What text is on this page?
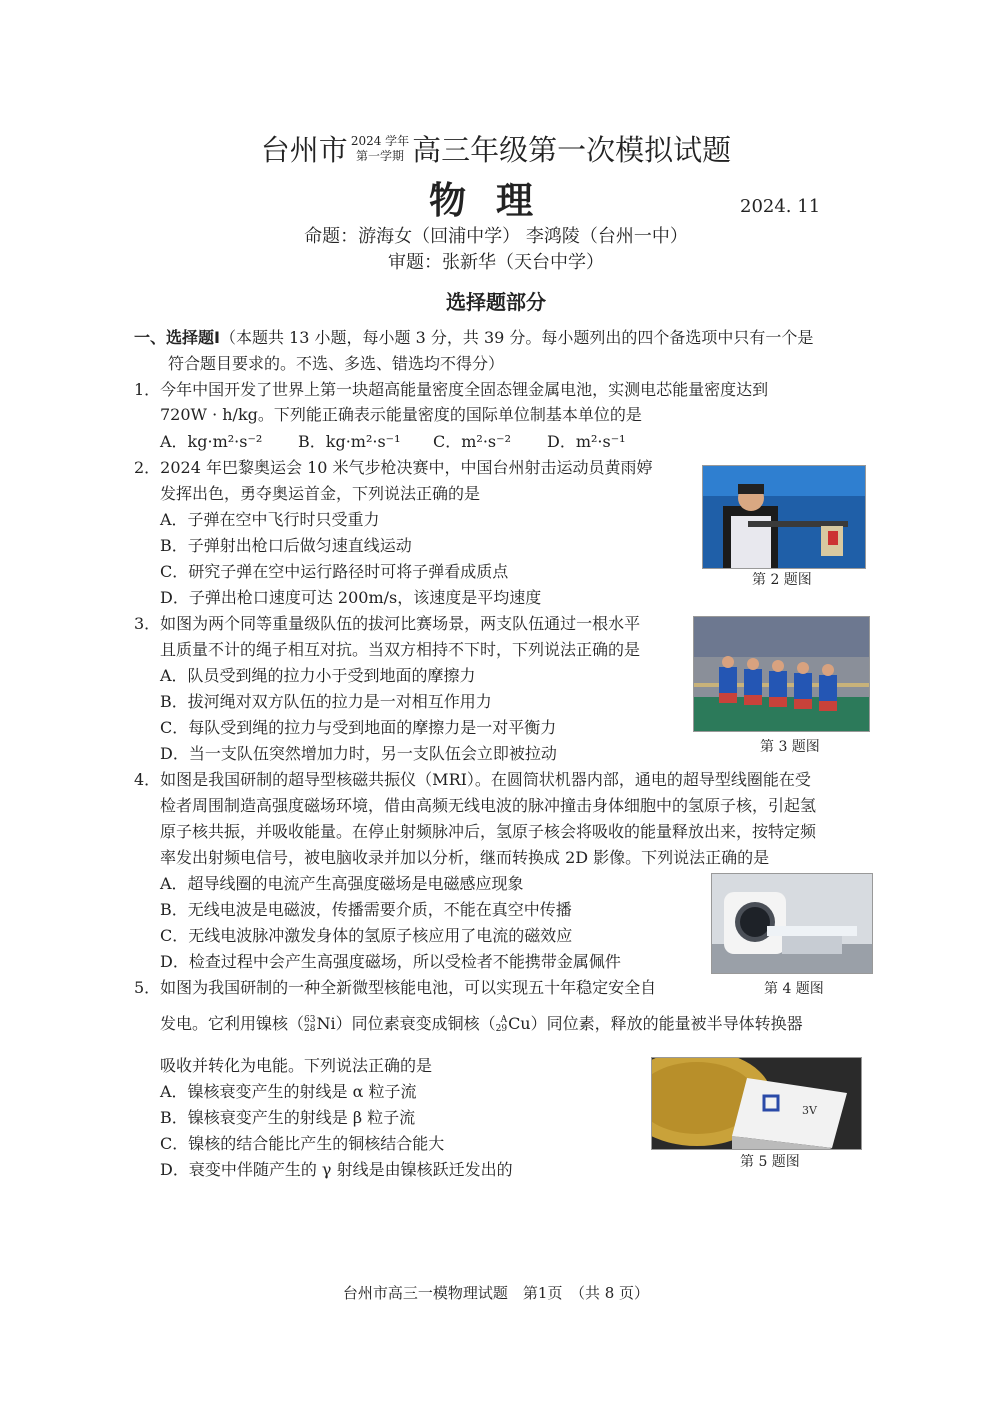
台州市 2024 学年
第一学期 高三年级第一次模拟试题
物理	2024. 11
命题：游海女（回浦中学） 李鸿陵（台州一中）
审题：张新华（天台中学）
选择题部分
一、选择题Ⅰ（本题共 13 小题，每小题 3 分，共 39 分。每小题列出的四个备选项中只有一个是
符合题目要求的。不选、多选、错选均不得分）
1．今年中国开发了世界上第一块超高能量密度全固态锂金属电池，实测电芯能量密度达到
720W · h/kg。下列能正确表示能量密度的国际单位制基本单位的是
A．kg·m²·s⁻² B．kg·m²·s⁻¹ C．m²·s⁻² D．m²·s⁻¹
2．2024 年巴黎奥运会 10 米气步枪决赛中，中国台州射击运动员黄雨婷
发挥出色，勇夺奥运首金，下列说法正确的是
A．子弹在空中飞行时只受重力
B．子弹射出枪口后做匀速直线运动
C．研究子弹在空中运行路径时可将子弹看成质点
D．子弹出枪口速度可达 200m/s，该速度是平均速度
第 2 题图
3．如图为两个同等重量级队伍的拔河比赛场景，两支队伍通过一根水平
且质量不计的绳子相互对抗。当双方相持不下时，下列说法正确的是
A．队员受到绳的拉力小于受到地面的摩擦力
B．拔河绳对双方队伍的拉力是一对相互作用力
C．每队受到绳的拉力与受到地面的摩擦力是一对平衡力
D．当一支队伍突然增加力时，另一支队伍会立即被拉动	第 3 题图
4．如图是我国研制的超导型核磁共振仪（MRI）。在圆筒状机器内部，通电的超导型线圈能在受
检者周围制造高强度磁场环境，借由高频无线电波的脉冲撞击身体细胞中的氢原子核，引起氢
原子核共振，并吸收能量。在停止射频脉冲后，氢原子核会将吸收的能量释放出来，按特定频
率发出射频电信号，被电脑收录并加以分析，继而转换成 2D 影像。下列说法正确的是
A．超导线圈的电流产生高强度磁场是电磁感应现象
B．无线电波是电磁波，传播需要介质，不能在真空中传播
C．无线电波脉冲激发身体的氢原子核应用了电流的磁效应
D．检查过程中会产生高强度磁场，所以受检者不能携带金属佩件
第 4 题图
5．如图为我国研制的一种全新微型核能电池，可以实现五十年稳定安全自
发电。它利用镍核（63
28Ni）同位素衰变成铜核（ A
29Cu）同位素，释放的能量被半导体转换器
吸收并转化为电能。下列说法正确的是
A．镍核衰变产生的射线是 α 粒子流
B．镍核衰变产生的射线是 β 粒子流
C．镍核的结合能比产生的铜核结合能大
D．衰变中伴随产生的 γ 射线是由镍核跃迁发出的
3V
第 5 题图
台州市高三一模物理试题　第1页　（共 8 页）
